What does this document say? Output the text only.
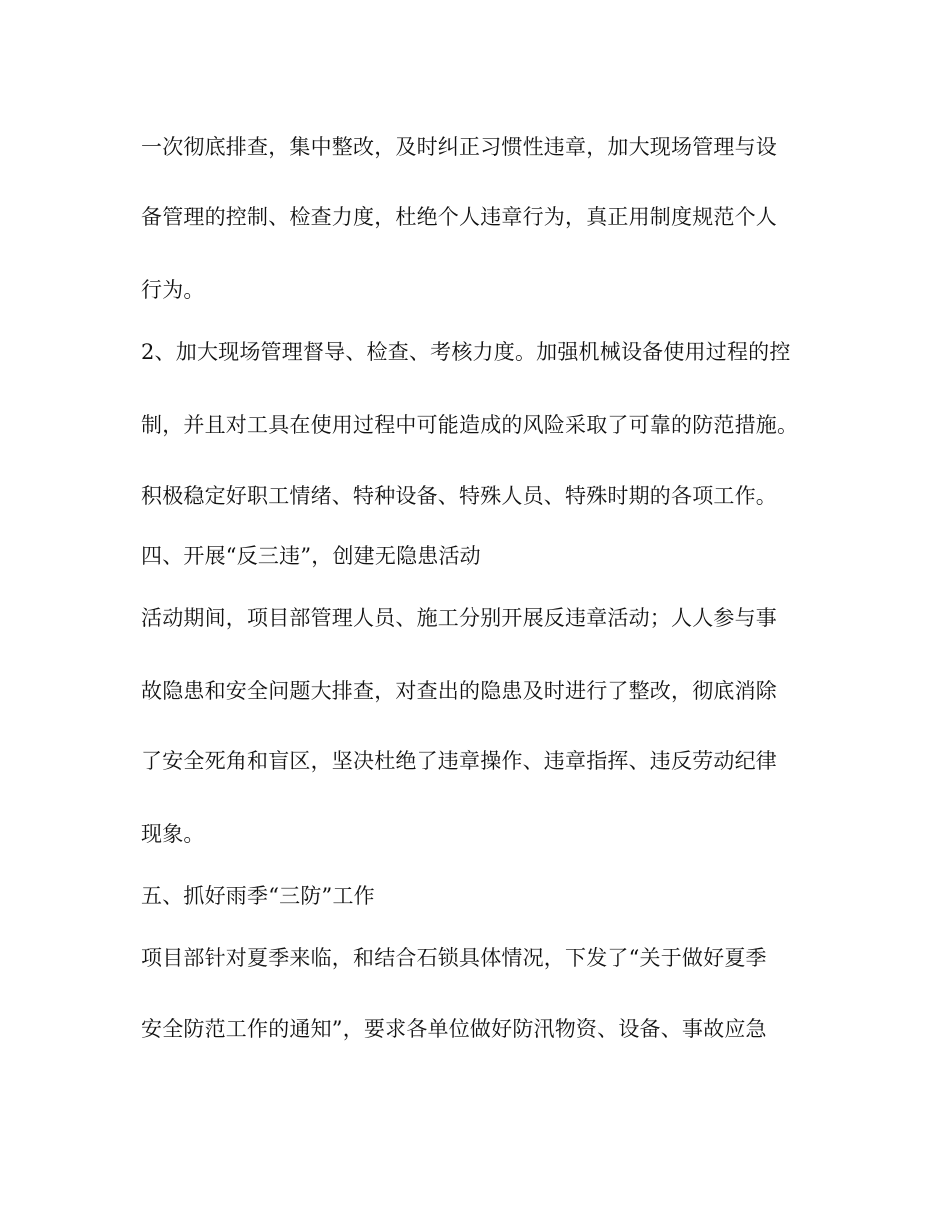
一次彻底排查，集中整改，及时纠正习惯性违章，加大现场管理与设
备管理的控制、检查力度，杜绝个人违章行为，真正用制度规范个人
行为。
2、加大现场管理督导、检查、考核力度。加强机械设备使用过程的控
制，并且对工具在使用过程中可能造成的风险采取了可靠的防范措施。
积极稳定好职工情绪、特种设备、特殊人员、特殊时期的各项工作。
四、开展“反三违”，创建无隐患活动
活动期间，项目部管理人员、施工分别开展反违章活动；人人参与事
故隐患和安全问题大排查，对查出的隐患及时进行了整改，彻底消除
了安全死角和盲区，坚决杜绝了违章操作、违章指挥、违反劳动纪律
现象。
五、抓好雨季“三防”工作
项目部针对夏季来临，和结合石锁具体情况，下发了“关于做好夏季
安全防范工作的通知”，要求各单位做好防汛物资、设备、事故应急
